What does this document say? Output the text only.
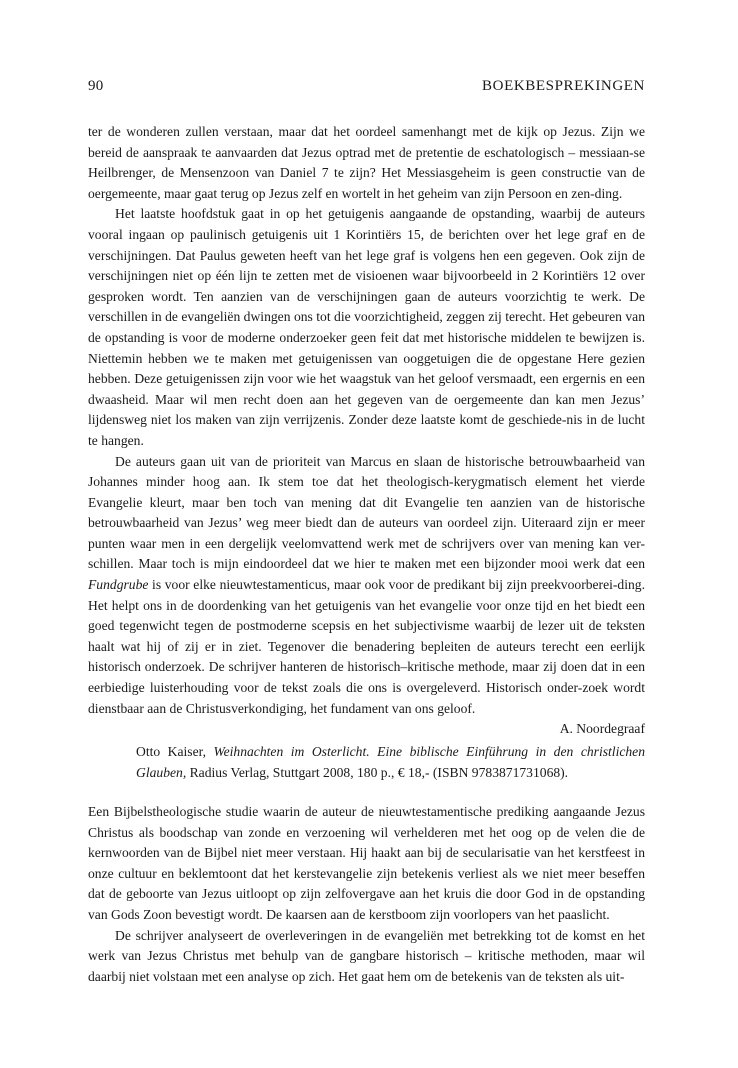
90	BOEKBESPREKINGEN

ter de wonderen zullen verstaan, maar dat het oordeel samenhangt met de kijk op Jezus. Zijn we bereid de aanspraak te aanvaarden dat Jezus optrad met de pretentie de eschatologisch – messiaan-se Heilbrenger, de Mensenzoon van Daniel 7 te zijn? Het Messiasgeheim is geen constructie van de oergemeente, maar gaat terug op Jezus zelf en wortelt in het geheim van zijn Persoon en zen-ding.

Het laatste hoofdstuk gaat in op het getuigenis aangaande de opstanding, waarbij de auteurs vooral ingaan op paulinisch getuigenis uit 1 Korintiërs 15, de berichten over het lege graf en de verschijningen. Dat Paulus geweten heeft van het lege graf is volgens hen een gegeven. Ook zijn de verschijningen niet op één lijn te zetten met de visioenen waar bijvoorbeeld in 2 Korintiërs 12 over gesproken wordt. Ten aanzien van de verschijningen gaan de auteurs voorzichtig te werk. De verschillen in de evangeliën dwingen ons tot die voorzichtigheid, zeggen zij terecht. Het gebeuren van de opstanding is voor de moderne onderzoeker geen feit dat met historische middelen te bewijzen is. Niettemin hebben we te maken met getuigenissen van ooggetuigen die de opgestane Here gezien hebben. Deze getuigenissen zijn voor wie het waagstuk van het geloof versmaadt, een ergernis en een dwaasheid. Maar wil men recht doen aan het gegeven van de oergemeente dan kan men Jezus’ lijdensweg niet los maken van zijn verrijzenis. Zonder deze laatste komt de geschiede-nis in de lucht te hangen.

De auteurs gaan uit van de prioriteit van Marcus en slaan de historische betrouwbaarheid van Johannes minder hoog aan. Ik stem toe dat het theologisch-kerygmatisch element het vierde Evangelie kleurt, maar ben toch van mening dat dit Evangelie ten aanzien van de historische betrouwbaarheid van Jezus’ weg meer biedt dan de auteurs van oordeel zijn. Uiteraard zijn er meer punten waar men in een dergelijk veelomvattend werk met de schrijvers over van mening kan ver-schillen. Maar toch is mijn eindoordeel dat we hier te maken met een bijzonder mooi werk dat een Fundgrube is voor elke nieuwtestamenticus, maar ook voor de predikant bij zijn preekvoorberei-ding. Het helpt ons in de doordenking van het getuigenis van het evangelie voor onze tijd en het biedt een goed tegenwicht tegen de postmoderne scepsis en het subjectivisme waarbij de lezer uit de teksten haalt wat hij of zij er in ziet. Tegenover die benadering bepleiten de auteurs terecht een eerlijk historisch onderzoek. De schrijver hanteren de historisch–kritische methode, maar zij doen dat in een eerbiedige luisterhouding voor de tekst zoals die ons is overgeleverd. Historisch onder-zoek wordt dienstbaar aan de Christusverkondiging, het fundament van ons geloof.

A. Noordegraaf

Otto Kaiser, Weihnachten im Osterlicht. Eine biblische Einführung in den christlichen Glauben, Radius Verlag, Stuttgart 2008, 180 p., € 18,- (ISBN 9783871731068).

Een Bijbelstheologische studie waarin de auteur de nieuwtestamentische prediking aangaande Jezus Christus als boodschap van zonde en verzoening wil verhelderen met het oog op de velen die de kernwoorden van de Bijbel niet meer verstaan. Hij haakt aan bij de secularisatie van het kerstfeest in onze cultuur en beklemtoont dat het kerstevangelie zijn betekenis verliest als we niet meer beseffen dat de geboorte van Jezus uitloopt op zijn zelfovergave aan het kruis die door God in de opstanding van Gods Zoon bevestigt wordt. De kaarsen aan de kerstboom zijn voorlopers van het paaslicht.

De schrijver analyseert de overleveringen in de evangeliën met betrekking tot de komst en het werk van Jezus Christus met behulp van de gangbare historisch – kritische methoden, maar wil daarbij niet volstaan met een analyse op zich. Het gaat hem om de betekenis van de teksten als uit-
